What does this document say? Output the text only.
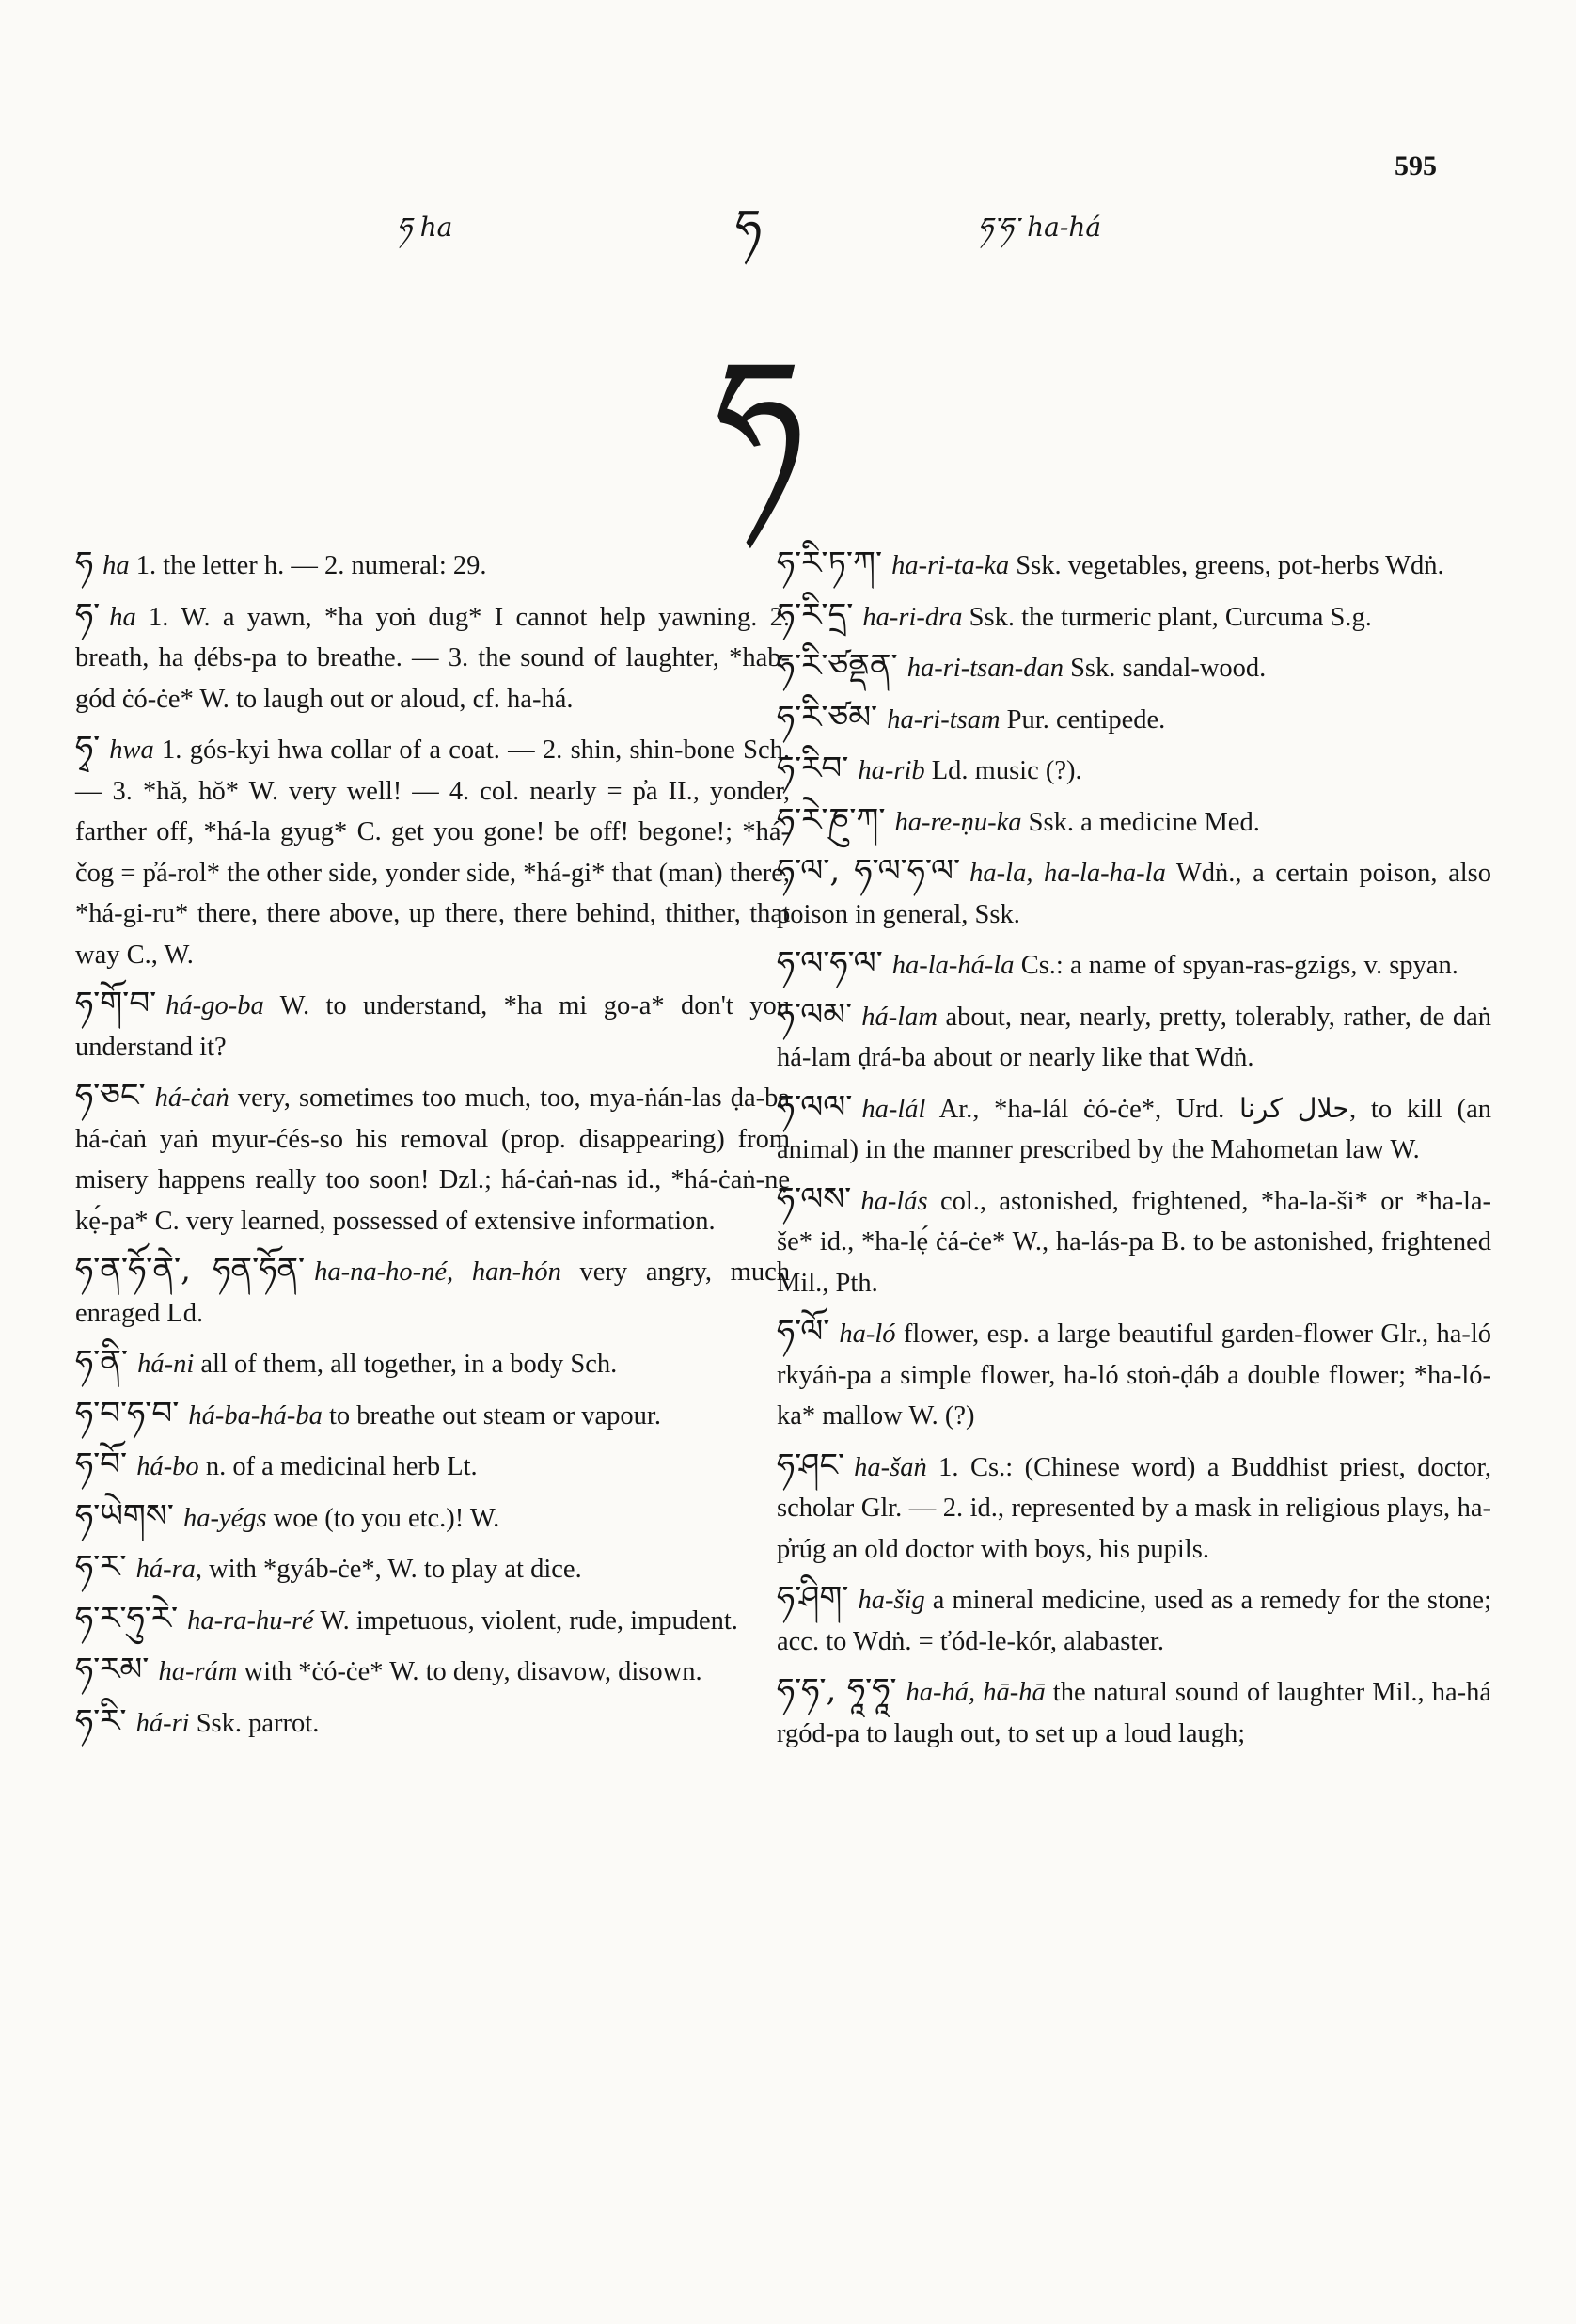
595
ཧ ha	ཧ	ཧ་ཧ་ ha-há
ཧ
ཧ ha 1. the letter h. — 2. numeral: 29.
ཧ་ ha 1. W. a yawn, *ha yoṅ dug* I cannot help yawning. 2. breath, ha ḍébs-pa to breathe. — 3. the sound of laughter, *hab-gód ċó-ċe* W. to laugh out or aloud, cf. ha-há.
ཧྭ་ hwa 1. gós-kyi hwa collar of a coat. — 2. shin, shin-bone Sch. — 3. *hă, hŏ* W. very well! — 4. col. nearly = p̓a II., yonder, farther off, *há-la gyug* C. get you gone! be off! begone!; *há-čog = p̓á-rol* the other side, yonder side, *há-gi* that (man) there, *há-gi-ru* there, there above, up there, there behind, thither, that way C., W.
ཧ་གོ་བ་ há-go-ba W. to understand, *ha mi go-a* don't you understand it?
ཧ་ཅང་ há-ċaṅ very, sometimes too much, too, mya-ṅán-las ḍa-ba há-ċaṅ yaṅ myur-ćés-so his removal (prop. disappearing) from misery happens really too soon! Dzl.; há-ċaṅ-nas id., *há-ċaṅ-nẹ kẹ́-pa* C. very learned, possessed of extensive information.
ཧ་ན་ཧོ་ནེ་, ཧན་ཧོན་ ha-na-ho-né, han-hón very angry, much enraged Ld.
ཧ་ནི་ há-ni all of them, all together, in a body Sch.
ཧ་བ་ཧ་བ་ há-ba-há-ba to breathe out steam or vapour.
ཧ་བོ་ há-bo n. of a medicinal herb Lt.
ཧ་ཡེགས་ ha-yégs woe (to you etc.)! W.
ཧ་ར་ há-ra, with *gyáb-ċe*, W. to play at dice.
ཧ་ར་ཧུ་རེ་ ha-ra-hu-ré W. impetuous, violent, rude, impudent.
ཧ་རམ་ ha-rám with *ċó-ċe* W. to deny, disavow, disown.
ཧ་རི་ há-ri Ssk. parrot.
ཧ་རི་ཏ་ཀ་ ha-ri-ta-ka Ssk. vegetables, greens, pot-herbs Wdṅ.
ཧ་རི་དྲ་ ha-ri-dra Ssk. the turmeric plant, Curcuma S.g.
ཧ་རི་ཙནྡན་ ha-ri-tsan-dan Ssk. sandal-wood.
ཧ་རི་ཙམ་ ha-ri-tsam Pur. centipede.
ཧ་རིབ་ ha-rib Ld. music (?).
ཧ་རེ་ཎུ་ཀ་ ha-re-ṇu-ka Ssk. a medicine Med.
ཧ་ལ་, ཧ་ལ་ཧ་ལ་ ha-la, ha-la-ha-la Wdṅ., a certain poison, also poison in general, Ssk.
ཧ་ལ་ཧ་ལ་ ha-la-há-la Cs.: a name of spyan-ras-gzigs, v. spyan.
ཧ་ལམ་ há-lam about, near, nearly, pretty, tolerably, rather, de daṅ há-lam ḍrá-ba about or nearly like that Wdṅ.
ཧ་ལལ་ ha-lál Ar., *ha-lál ċó-ċe*, Urd. حلال کرنا, to kill (an animal) in the manner prescribed by the Mahometan law W.
ཧ་ལས་ ha-lás col., astonished, frightened, *ha-la-ši* or *ha-la-še* id., *ha-lẹ́ ċá-ċe* W., ha-lás-pa B. to be astonished, frightened Mil., Pth.
ཧ་ལོ་ ha-ló flower, esp. a large beautiful garden-flower Glr., ha-ló rkyáṅ-pa a simple flower, ha-ló stoṅ-ḍáb a double flower; *ha-ló-ka* mallow W. (?)
ཧ་ཤང་ ha-šaṅ 1. Cs.: (Chinese word) a Buddhist priest, doctor, scholar Glr. — 2. id., represented by a mask in religious plays, ha-p̓rúg an old doctor with boys, his pupils.
ཧ་ཤིག་ ha-šig a mineral medicine, used as a remedy for the stone; acc. to Wdṅ. = ťód-le-kór, alabaster.
ཧ་ཧ་, ཧཱ་ཧཱ་ ha-há, hā-hā the natural sound of laughter Mil., ha-há rgód-pa to laugh out, to set up a loud laugh;
